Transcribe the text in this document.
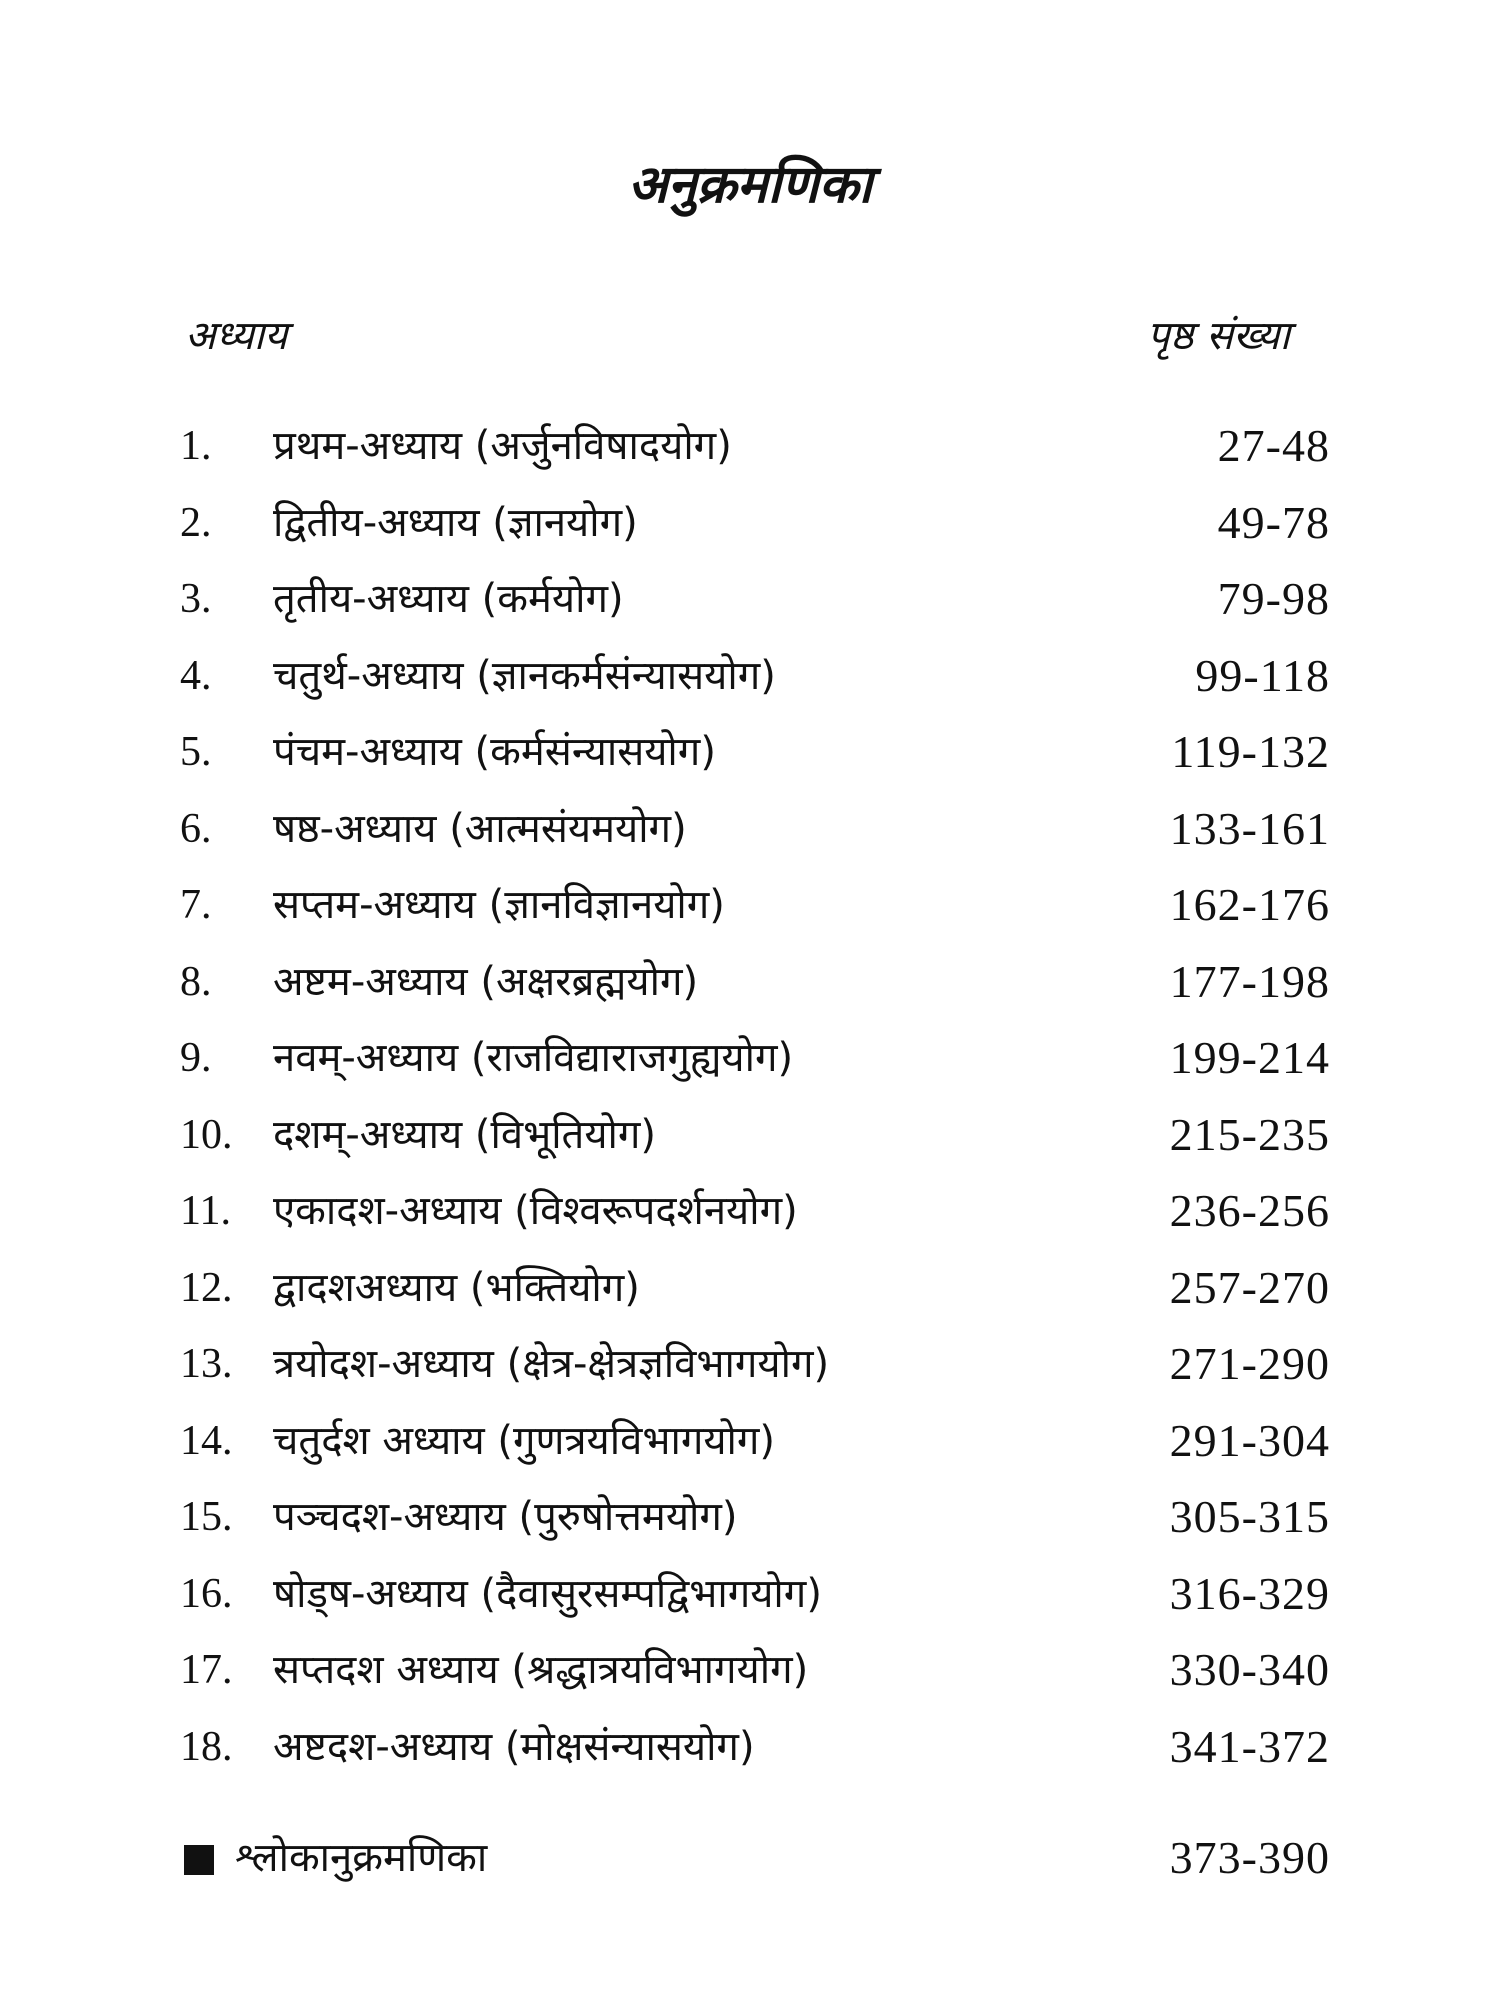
अनुक्रमणिका
अध्याय	पृष्ठ संख्या
1. प्रथम-अध्याय (अर्जुनविषादयोग)	27-48
2. द्वितीय-अध्याय (ज्ञानयोग)	49-78
3. तृतीय-अध्याय (कर्मयोग)	79-98
4. चतुर्थ-अध्याय (ज्ञानकर्मसंन्यासयोग)	99-118
5. पंचम-अध्याय (कर्मसंन्यासयोग)	119-132
6. षष्ठ-अध्याय (आत्मसंयमयोग)	133-161
7. सप्तम-अध्याय (ज्ञानविज्ञानयोग)	162-176
8. अष्टम-अध्याय (अक्षरब्रह्मयोग)	177-198
9. नवम्-अध्याय (राजविद्याराजगुह्ययोग)	199-214
10. दशम्-अध्याय (विभूतियोग)	215-235
11. एकादश-अध्याय (विश्वरूपदर्शनयोग)	236-256
12. द्वादशअध्याय (भक्तियोग)	257-270
13. त्रयोदश-अध्याय (क्षेत्र-क्षेत्रज्ञविभागयोग)	271-290
14. चतुर्दश अध्याय (गुणत्रयविभागयोग)	291-304
15. पञ्चदश-अध्याय (पुरुषोत्तमयोग)	305-315
16. षोड्ष-अध्याय (दैवासुरसम्पद्विभागयोग)	316-329
17. सप्तदश अध्याय (श्रद्धात्रयविभागयोग)	330-340
18. अष्टदश-अध्याय (मोक्षसंन्यासयोग)	341-372
श्लोकानुक्रमणिका	373-390
